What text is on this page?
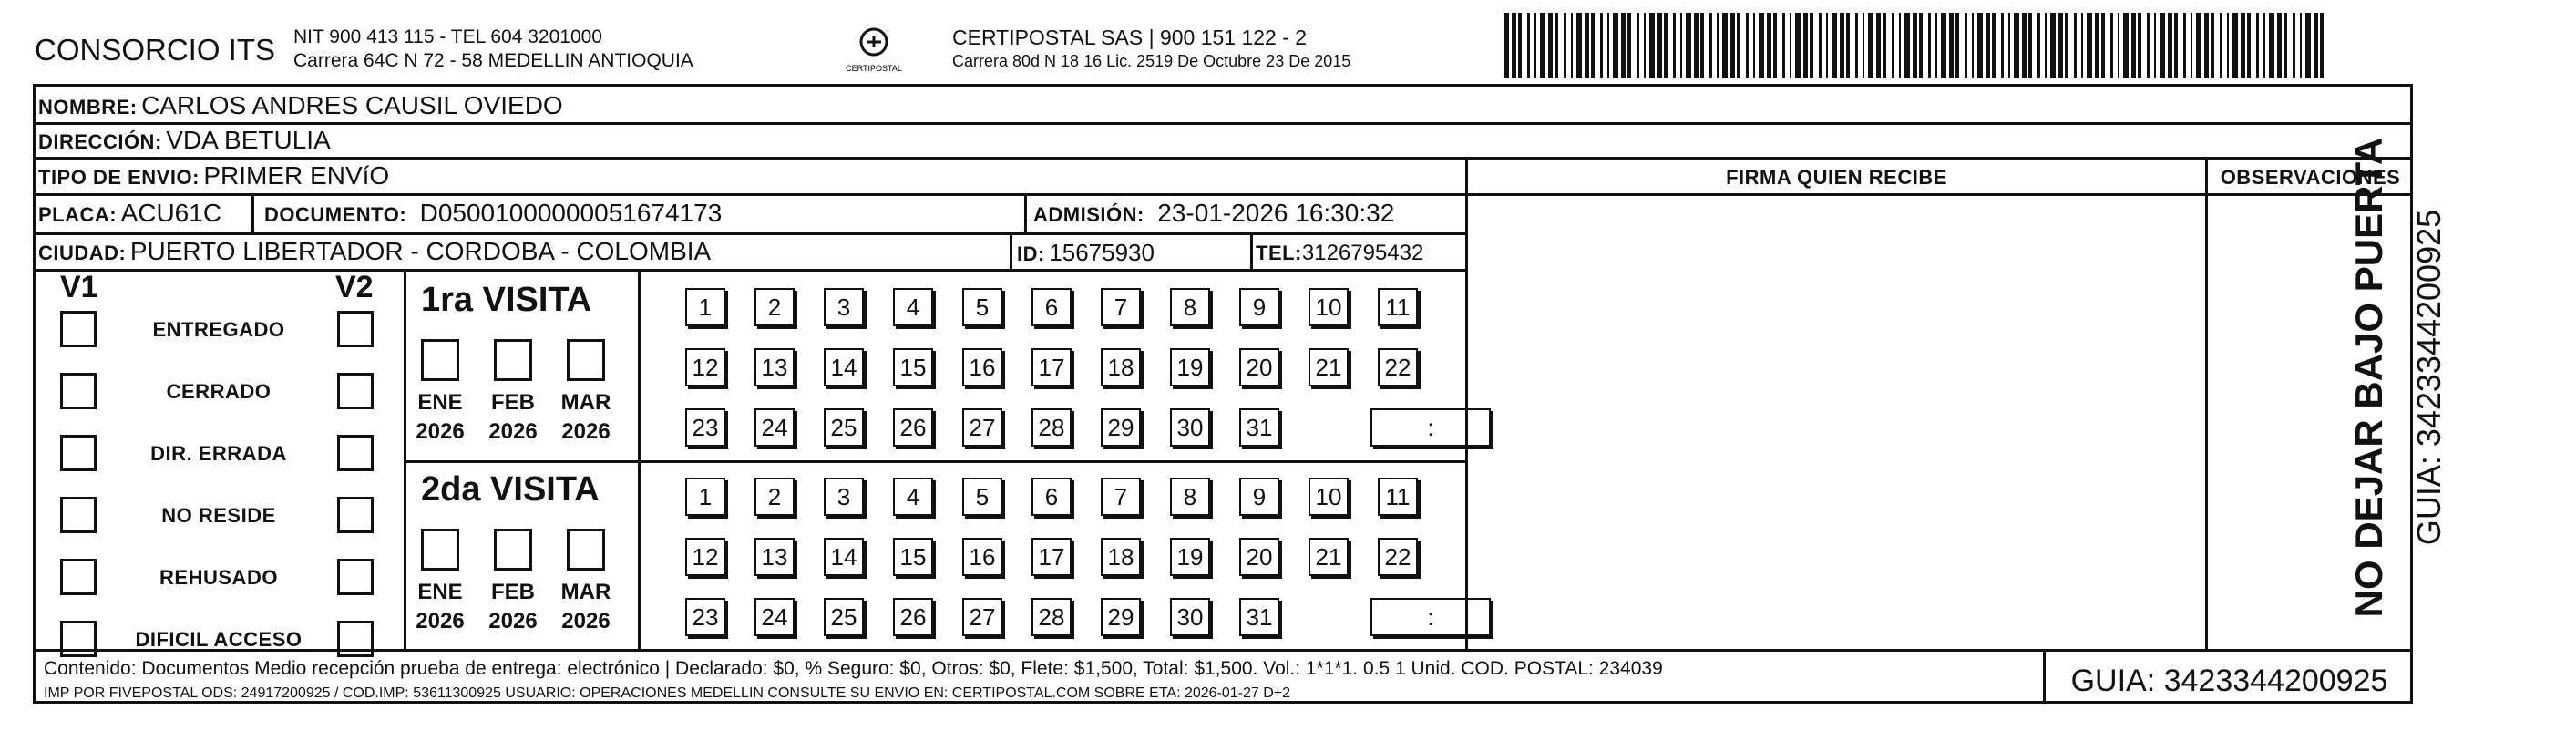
CONSORCIO ITS NIT 900 413 115 - TEL 604 3201000
Carrera 64C N 72 - 58 MEDELLIN ANTIOQUIA	CERTIPOSTAL
CERTIPOSTAL SAS | 900 151 122 - 2
Carrera 80d N 18 16 Lic. 2519 De Octubre 23 De 2015
NOMBRE: CARLOS ANDRES CAUSIL OVIEDO
DIRECCIÓN: VDA BETULIA
TIPO DE ENVIO: PRIMER ENVíO	FIRMA QUIEN RECIBE	OBSERVACIONES
PLACA: ACU61C DOCUMENTO: D05001000000051674173	ADMISIÓN: 23-01-2026 16:30:32
CIUDAD: PUERTO LIBERTADOR - CORDOBA - COLOMBIA	ID: 15675930	TEL:3126795432
V1	V2
ENTREGADO
CERRADO
DIR. ERRADA
NO RESIDE
REHUSADO
DIFICIL ACCESO
1ra VISITA
ENE
2026
FEB
2026
MAR
2026
1	2	3	4	5	6	7	8	9	10	11
12 13 14 15 16 17 18 19 20 21 22
23 24 25 26 27 28 29 30 31	:
2da VISITA
ENE
2026
FEB
2026
MAR
2026
1	2	3	4	5	6	7	8	9	10	11
12 13 14 15 16 17 18 19 20 21 22
23 24 25 26 27 28 29 30 31	:	NO DEJAR BAJO PUERTA GUIA: 3423344200925
Contenido: Documentos Medio recepción prueba de entrega: electrónico | Declarado: $0, % Seguro: $0, Otros: $0, Flete: $1,500, Total: $1,500. Vol.: 1*1*1. 0.5 1 Unid. COD. POSTAL: 234039
IMP POR FIVEPOSTAL ODS: 24917200925 / COD.IMP: 53611300925 USUARIO: OPERACIONES MEDELLIN CONSULTE SU ENVIO EN: CERTIPOSTAL.COM SOBRE ETA: 2026-01-27 D+2	GUIA: 3423344200925
